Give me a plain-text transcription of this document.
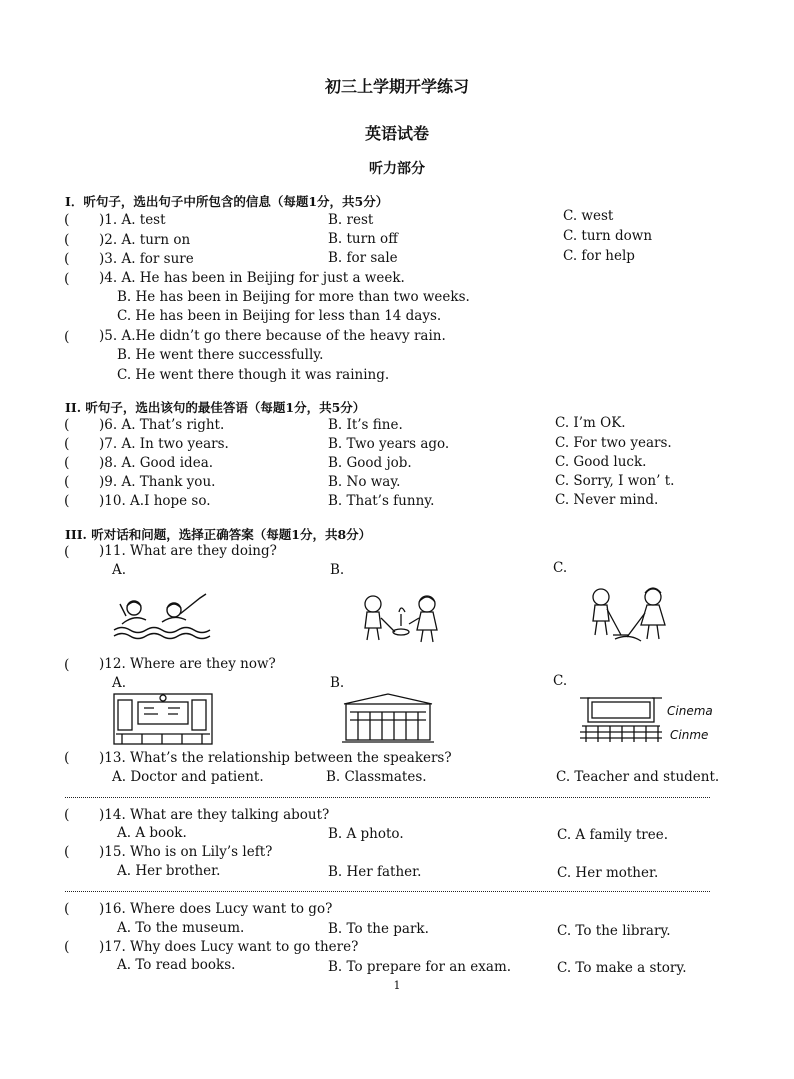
初三上学期开学练习
英语试卷
听力部分
I．听句子，选出句子中所包含的信息（每题1分，共5分）
( )1. A. test	B. rest	C. west
( )2. A. turn on	B. turn off	C. turn down
( )3. A. for sure	B. for sale	C. for help
( )4. A. He has been in Beijing for just a week.
B. He has been in Beijing for more than two weeks.
C. He has been in Beijing for less than 14 days.
( )5. A.He didn’t go there because of the heavy rain.
B. He went there successfully.
C. He went there though it was raining.
II. 听句子，选出该句的最佳答语（每题1分，共5分）
( )6. A. That’s right.	B. It’s fine.	C. I’m OK.
( )7. A. In two years.	B. Two years ago.	C. For two years.
( )8. A. Good idea.	B. Good job.	C. Good luck.
( )9. A. Thank you.	B. No way.	C. Sorry, I won’ t.
( )10. A.I hope so.	B. That’s funny.	C. Never mind.
III. 听对话和问题，选择正确答案（每题1分，共8分）
( )11. What are they doing?
A.	B.	C.
( )12. Where are they now?
A.	B.	C.
Cinema
Cinme
( )13. What’s the relationship between the speakers?
A. Doctor and patient.	B. Classmates.	C. Teacher and student.
( )14. What are they talking about?
A. A book.	B. A photo.	C. A family tree.
( )15. Who is on Lily’s left?
A. Her brother.	B. Her father.	C. Her mother.
( )16. Where does Lucy want to go?
A. To the museum.	B. To the park.	C. To the library.
( )17. Why does Lucy want to go there?
A. To read books.	B. To prepare for an exam.	C. To make a story.
1
